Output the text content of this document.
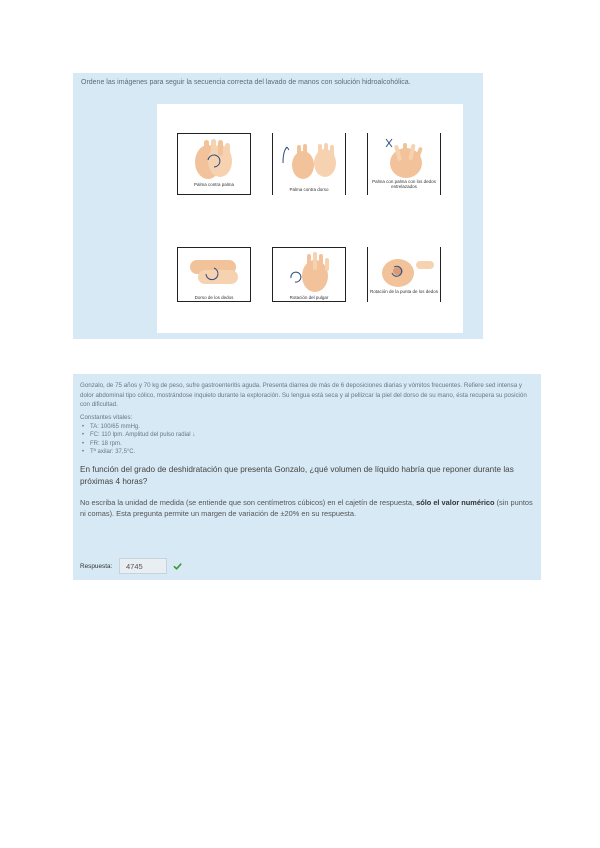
Ordene las imágenes para seguir la secuencia correcta del lavado de manos con solución hidroalcohólica.
Palma contra palma
Palma contra dorso
Palma con palma con los dedos entrelazados
Dorso de los dedos	Rotación del pulgar
Rotación de la punta de los dedos

Gonzalo, de 75 años y 70 kg de peso, sufre gastroenteritis aguda. Presenta diarrea de más de 6 deposiciones diarias y vómitos frecuentes. Refiere sed intensa y dolor abdominal tipo cólico, mostrándose inquieto durante la exploración. Su lengua está seca y al pellizcar la piel del dorso de su mano, ésta recupera su posición con dificultad.

Constantes vitales:

• TA: 100/65 mmHg.
• FC: 110 lpm. Amplitud del pulso radial ↓
• FR: 18 rpm.
• Tª axilar: 37,5°C.

En función del grado de deshidratación que presenta Gonzalo, ¿qué volumen de líquido habría que reponer durante las próximas 4 horas?

No escriba la unidad de medida (se entiende que son centímetros cúbicos) en el cajetín de respuesta, sólo el valor numérico (sin puntos ni comas). Esta pregunta permite un margen de variación de ±20% en su respuesta.

Respuesta:
4745
